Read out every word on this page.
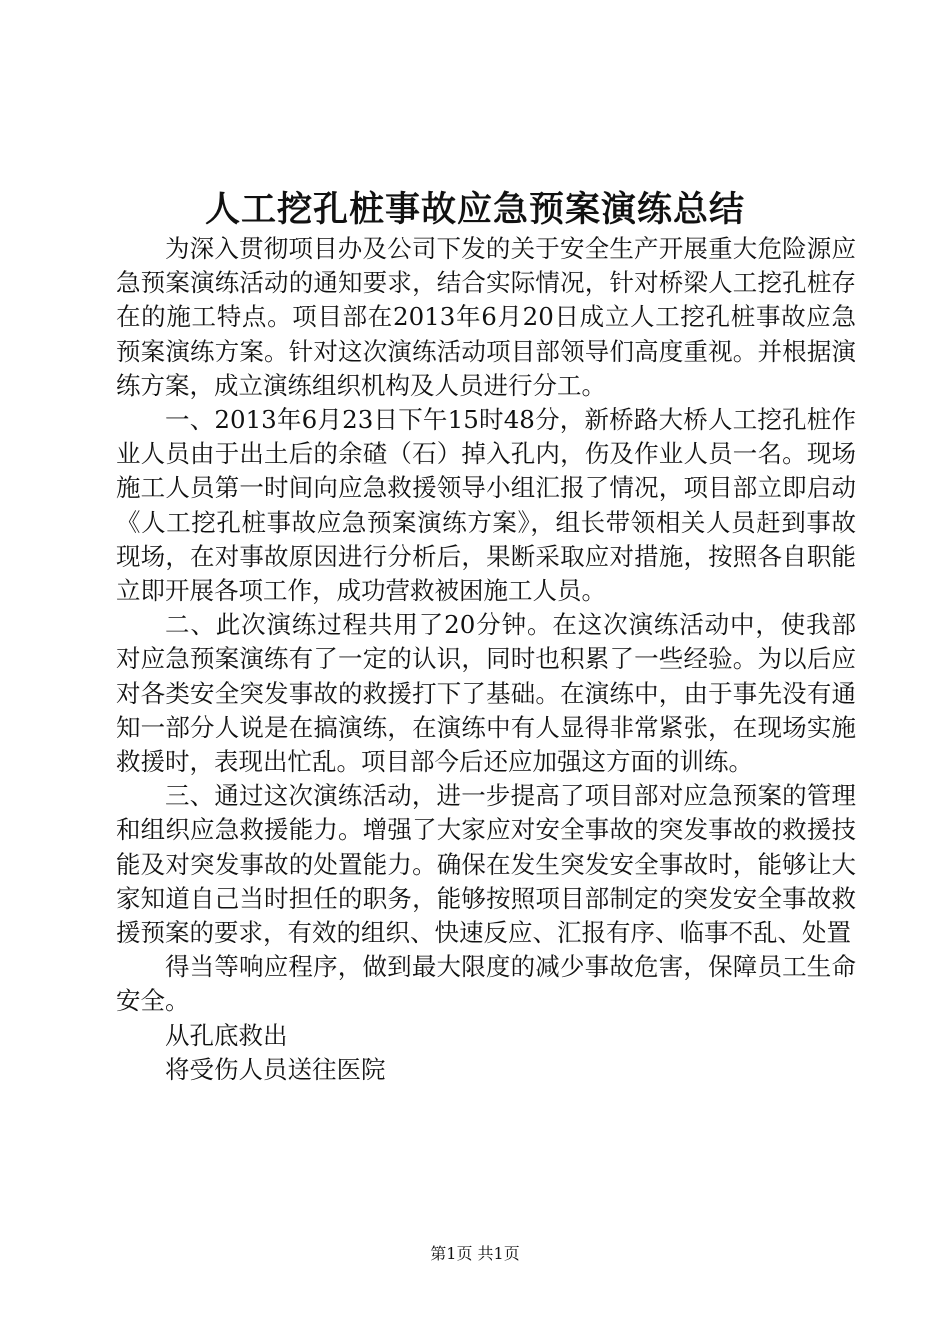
人工挖孔桩事故应急预案演练总结

为深入贯彻项目办及公司下发的关于安全生产开展重大危险源应急预案演练活动的通知要求，结合实际情况，针对桥梁人工挖孔桩存在的施工特点。项目部在2013年6月20日成立人工挖孔桩事故应急预案演练方案。针对这次演练活动项目部领导们高度重视。并根据演练方案，成立演练组织机构及人员进行分工。

一、2013年6月23日下午15时48分，新桥路大桥人工挖孔桩作业人员由于出土后的余碴（石）掉入孔内，伤及作业人员一名。现场施工人员第一时间向应急救援领导小组汇报了情况，项目部立即启动《人工挖孔桩事故应急预案演练方案》，组长带领相关人员赶到事故现场，在对事故原因进行分析后，果断采取应对措施，按照各自职能立即开展各项工作，成功营救被困施工人员。

二、此次演练过程共用了20分钟。在这次演练活动中，使我部对应急预案演练有了一定的认识，同时也积累了一些经验。为以后应对各类安全突发事故的救援打下了基础。在演练中，由于事先没有通知一部分人说是在搞演练，在演练中有人显得非常紧张，在现场实施救援时，表现出忙乱。项目部今后还应加强这方面的训练。

三、通过这次演练活动，进一步提高了项目部对应急预案的管理和组织应急救援能力。增强了大家应对安全事故的突发事故的救援技能及对突发事故的处置能力。确保在发生突发安全事故时，能够让大家知道自己当时担任的职务，能够按照项目部制定的突发安全事故救援预案的要求，有效的组织、快速反应、汇报有序、临事不乱、处置

得当等响应程序，做到最大限度的减少事故危害，保障员工生命安全。

从孔底救出

将受伤人员送往医院

第1页 共1页
